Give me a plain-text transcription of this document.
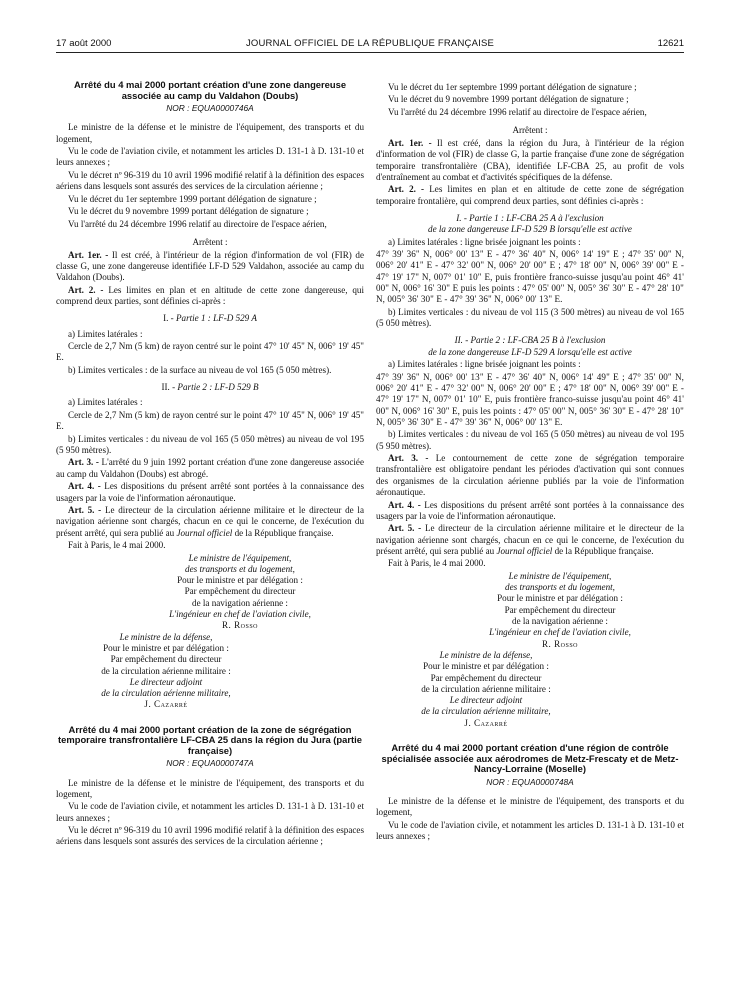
17 août 2000	JOURNAL OFFICIEL DE LA RÉPUBLIQUE FRANÇAISE	12621

Arrêté du 4 mai 2000 portant création d'une zone dangereuse associée au camp du Valdahon (Doubs)

NOR : EQUA0000746A

Le ministre de la défense et le ministre de l'équipement, des transports et du logement,

Vu le code de l'aviation civile, et notamment les articles D. 131-1 à D. 131-10 et leurs annexes ;

Vu le décret nº 96-319 du 10 avril 1996 modifié relatif à la définition des espaces aériens dans lesquels sont assurés des services de la circulation aérienne ;

Vu le décret du 1er septembre 1999 portant délégation de signature ;

Vu le décret du 9 novembre 1999 portant délégation de signature ;

Vu l'arrêté du 24 décembre 1996 relatif au directoire de l'espace aérien,

Arrêtent :

Art. 1er. - Il est créé, à l'intérieur de la région d'information de vol (FIR) de classe G, une zone dangereuse identifiée LF-D 529 Valdahon, associée au camp du Valdahon (Doubs).

Art. 2. - Les limites en plan et en altitude de cette zone dangereuse, qui comprend deux parties, sont définies ci-après :

I. - Partie 1 : LF-D 529 A

a) Limites latérales :

Cercle de 2,7 Nm (5 km) de rayon centré sur le point 47° 10' 45" N, 006° 19' 45" E.

b) Limites verticales : de la surface au niveau de vol 165 (5 050 mètres).

II. - Partie 2 : LF-D 529 B

a) Limites latérales :

Cercle de 2,7 Nm (5 km) de rayon centré sur le point 47° 10' 45" N, 006° 19' 45" E.

b) Limites verticales : du niveau de vol 165 (5 050 mètres) au niveau de vol 195 (5 950 mètres).

Art. 3. - L'arrêté du 9 juin 1992 portant création d'une zone dangereuse associée au camp du Valdahon (Doubs) est abrogé.

Art. 4. - Les dispositions du présent arrêté sont portées à la connaissance des usagers par la voie de l'information aéronautique.

Art. 5. - Le directeur de la circulation aérienne militaire et le directeur de la navigation aérienne sont chargés, chacun en ce qui le concerne, de l'exécution du présent arrêté, qui sera publié au Journal officiel de la République française.

Fait à Paris, le 4 mai 2000.

Le ministre de l'équipement,

des transports et du logement,

Pour le ministre et par délégation :

Par empêchement du directeur

de la navigation aérienne :

L'ingénieur en chef de l'aviation civile,

R. Rosso

Le ministre de la défense,

Pour le ministre et par délégation :

Par empêchement du directeur

de la circulation aérienne militaire :

Le directeur adjoint

de la circulation aérienne militaire,

J. Cazarré

Arrêté du 4 mai 2000 portant création de la zone de ségrégation temporaire transfrontalière LF-CBA 25 dans la région du Jura (partie française)

NOR : EQUA0000747A

Le ministre de la défense et le ministre de l'équipement, des transports et du logement,

Vu le code de l'aviation civile, et notamment les articles D. 131-1 à D. 131-10 et leurs annexes ;

Vu le décret nº 96-319 du 10 avril 1996 modifié relatif à la définition des espaces aériens dans lesquels sont assurés des services de la circulation aérienne ;

Vu le décret du 1er septembre 1999 portant délégation de signature ;

Vu le décret du 9 novembre 1999 portant délégation de signature ;

Vu l'arrêté du 24 décembre 1996 relatif au directoire de l'espace aérien,

Arrêtent :

Art. 1er. - Il est créé, dans la région du Jura, à l'intérieur de la région d'information de vol (FIR) de classe G, la partie française d'une zone de ségrégation temporaire transfrontalière (CBA), identifiée LF-CBA 25, au profit de vols d'entraînement au combat et d'activités spécifiques de la défense.

Art. 2. - Les limites en plan et en altitude de cette zone de ségrégation temporaire frontalière, qui comprend deux parties, sont définies ci-après :

I. - Partie 1 : LF-CBA 25 A à l'exclusion

de la zone dangereuse LF-D 529 B lorsqu'elle est active

a) Limites latérales : ligne brisée joignant les points :

47° 39' 36" N, 006° 00' 13" E - 47° 36' 40" N, 006° 14' 19" E ; 47° 35' 00" N, 006° 20' 41" E - 47° 32' 00" N, 006° 20' 00" E ; 47° 18' 00" N, 006° 39' 00" E - 47° 19' 17" N, 007° 01' 10" E, puis frontière franco-suisse jusqu'au point 46° 41' 00" N, 006° 16' 30" E puis les points : 47° 05' 00" N, 005° 36' 30" E - 47° 28' 10" N, 005° 36' 30" E - 47° 39' 36" N, 006° 00' 13" E.

b) Limites verticales : du niveau de vol 115 (3 500 mètres) au niveau de vol 165 (5 050 mètres).

II. - Partie 2 : LF-CBA 25 B à l'exclusion

de la zone dangereuse LF-D 529 A lorsqu'elle est active

a) Limites latérales : ligne brisée joignant les points :

47° 39' 36" N, 006° 00' 13" E - 47° 36' 40" N, 006° 14' 49" E ; 47° 35' 00" N, 006° 20' 41" E - 47° 32' 00" N, 006° 20' 00" E ; 47° 18' 00" N, 006° 39' 00" E - 47° 19' 17" N, 007° 01' 10" E, puis frontière franco-suisse jusqu'au point 46° 41' 00" N, 006° 16' 30" E, puis les points : 47° 05' 00" N, 005° 36' 30" E - 47° 28' 10" N, 005° 36' 30" E - 47° 39' 36" N, 006° 00' 13" E.

b) Limites verticales : du niveau de vol 165 (5 050 mètres) au niveau de vol 195 (5 950 mètres).

Art. 3. - Le contournement de cette zone de ségrégation temporaire transfrontalière est obligatoire pendant les périodes d'activation qui sont connues des organismes de la circulation aérienne publiés par la voie de l'information aéronautique.

Art. 4. - Les dispositions du présent arrêté sont portées à la connaissance des usagers par la voie de l'information aéronautique.

Art. 5. - Le directeur de la circulation aérienne militaire et le directeur de la navigation aérienne sont chargés, chacun en ce qui le concerne, de l'exécution du présent arrêté, qui sera publié au Journal officiel de la République française.

Fait à Paris, le 4 mai 2000.

Le ministre de l'équipement,

des transports et du logement,

Pour le ministre et par délégation :

Par empêchement du directeur

de la navigation aérienne :

L'ingénieur en chef de l'aviation civile,

R. Rosso

Le ministre de la défense,

Pour le ministre et par délégation :

Par empêchement du directeur

de la circulation aérienne militaire :

Le directeur adjoint

de la circulation aérienne militaire,

J. Cazarré

Arrêté du 4 mai 2000 portant création d'une région de contrôle spécialisée associée aux aérodromes de Metz-Frescaty et de Metz-Nancy-Lorraine (Moselle)

NOR : EQUA0000748A

Le ministre de la défense et le ministre de l'équipement, des transports et du logement,

Vu le code de l'aviation civile, et notamment les articles D. 131-1 à D. 131-10 et leurs annexes ;
